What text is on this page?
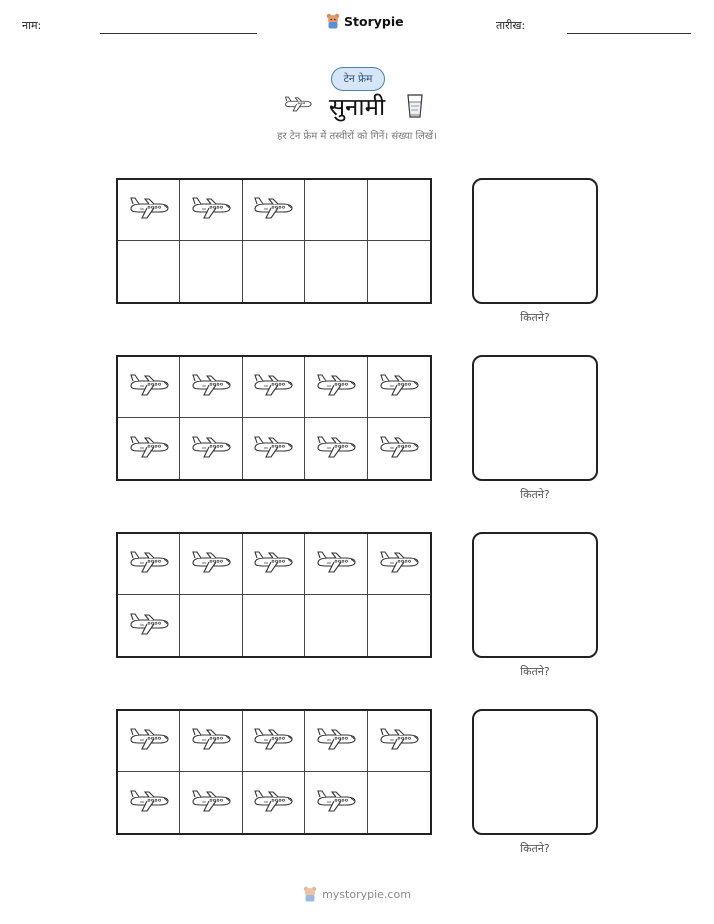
नाम:	Storypie	तारीख:
टेन फ्रेम
सुनामी
हर टेन फ्रेम में तस्वीरों को गिनें। संख्या लिखें।
कितने?
कितने?
कितने?
कितने?
mystorypie.com
